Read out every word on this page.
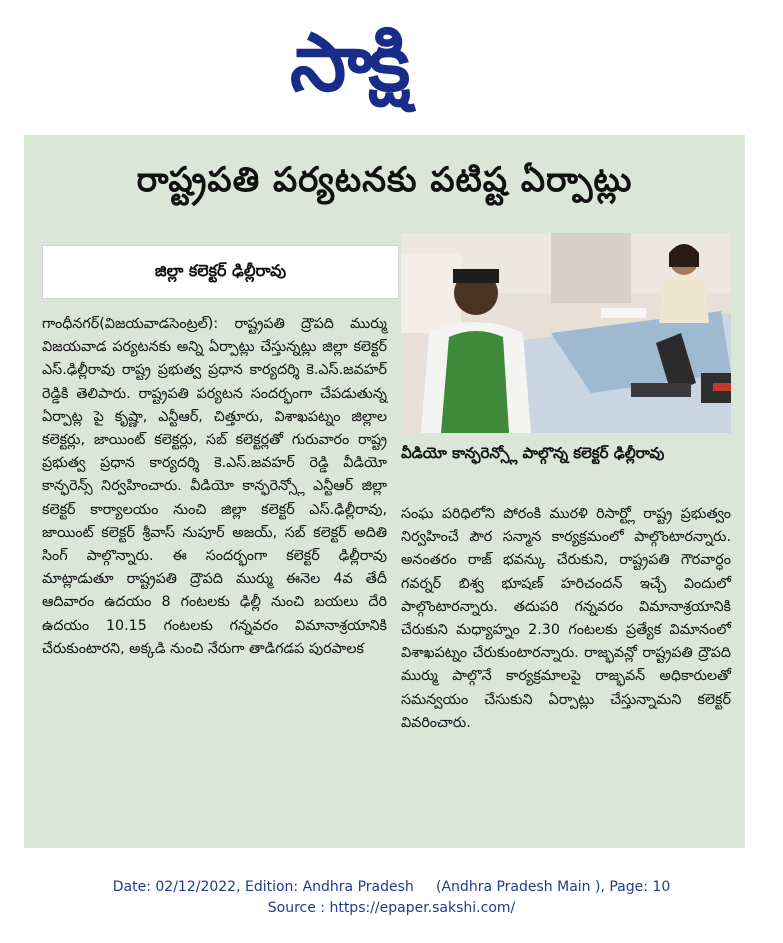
సాక్షి
రాష్ట్రపతి పర్యటనకు పటిష్ట ఏర్పాట్లు
వీడియో కాన్ఫరెన్స్లో పాల్గొన్న కలెక్టర్ ఢిల్లీరావు
జిల్లా కలెక్టర్ ఢిల్లీరావు

గాంధీనగర్(విజయవాడసెంట్రల్): రాష్ట్రపతి ద్రౌపది ముర్ము విజయవాడ పర్యటనకు అన్ని ఏర్పాట్లు చేస్తున్నట్లు జిల్లా కలెక్టర్ ఎస్.ఢిల్లీరావు రాష్ట్ర ప్రభుత్వ ప్రధాన కార్యదర్శి కె.ఎస్.జవహర్ రెడ్డికి తెలిపారు. రాష్ట్రపతి పర్యటన సందర్భంగా చేపడుతున్న ఏర్పాట్ల పై కృష్ణా, ఎన్టీఆర్, చిత్తూరు, విశాఖపట్నం జిల్లాల కలెక్టర్లు, జాయింట్ కలెక్టర్లు, సబ్ కలెక్టర్లతో గురువారం రాష్ట్ర ప్రభుత్వ ప్రధాన కార్యదర్శి కె.ఎస్.జవహర్ రెడ్డి వీడియో కాన్ఫరెన్స్ నిర్వహించారు. వీడియో కాన్ఫరెన్స్లో ఎన్టీఆర్ జిల్లా కలెక్టర్ కార్యాలయం నుంచి జిల్లా కలెక్టర్ ఎస్.ఢిల్లీరావు, జాయింట్ కలెక్టర్ శ్రీవాస్ నుపూర్ అజయ్, సబ్ కలెక్టర్ అదితి సింగ్ పాల్గొన్నారు. ఈ సందర్భంగా కలెక్టర్ ఢిల్లీరావు మాట్లాడుతూ రాష్ట్రపతి ద్రౌపది ముర్ము ఈనెల 4వ తేదీ ఆదివారం ఉదయం 8 గంటలకు ఢిల్లీ నుంచి బయలు దేరి ఉదయం 10.15 గంటలకు గన్నవరం విమానాశ్రయానికి చేరుకుంటారని, అక్కడి నుంచి నేరుగా తాడిగడప పురపాలక

సంఘ పరిధిలోని పోరంకి మురళి రిసార్ట్లో రాష్ట్ర ప్రభుత్వం నిర్వహించే పౌర సన్మాన కార్యక్రమంలో పాల్గొంటారన్నారు. అనంతరం రాజ్ భవన్కు చేరుకుని, రాష్ట్రపతి గౌరవార్ధం గవర్నర్ బిశ్వ భూషణ్ హరిచందన్ ఇచ్చే విందులో పాల్గొంటారన్నారు. తదుపరి గన్నవరం విమానాశ్రయానికి చేరుకుని మధ్యాహ్నం 2.30 గంటలకు ప్రత్యేక విమానంలో విశాఖపట్నం చేరుకుంటారన్నారు. రాజ్భవన్లో రాష్ట్రపతి ద్రౌపది ముర్ము పాల్గొనే కార్యక్రమాలపై రాజ్భవన్ అధికారులతో సమన్వయం చేసుకుని ఏర్పాట్లు చేస్తున్నామని కలెక్టర్ వివరించారు.

Date: 02/12/2022, Edition: Andhra Pradesh     (Andhra Pradesh Main ), Page: 10
Source : https://epaper.sakshi.com/
